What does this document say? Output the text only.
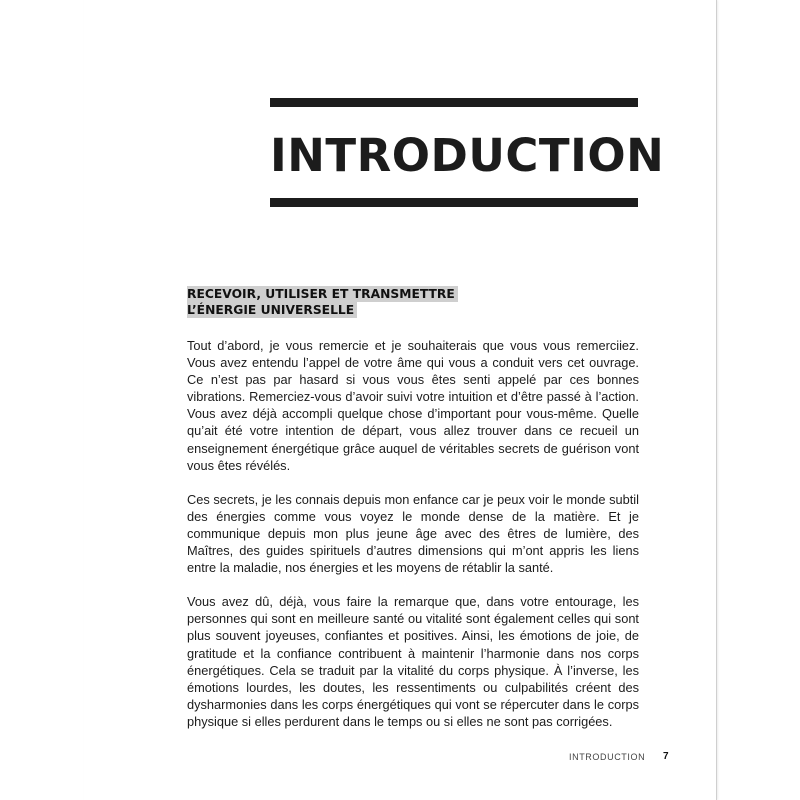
INTRODUCTION
RECEVOIR, UTILISER ET TRANSMETTRE
L’ÉNERGIE UNIVERSELLE

Tout d’abord, je vous remercie et je souhaiterais que vous vous remerciiez. Vous avez entendu l’appel de votre âme qui vous a conduit vers cet ouvrage. Ce n’est pas par hasard si vous vous êtes senti appelé par ces bonnes vibrations. Remerciez-vous d’avoir suivi votre intuition et d’être passé à l’action. Vous avez déjà accompli quelque chose d’important pour vous-même. Quelle qu’ait été votre intention de départ, vous allez trouver dans ce recueil un enseignement énergétique grâce auquel de véritables secrets de guérison vont vous êtes révélés.

Ces secrets, je les connais depuis mon enfance car je peux voir le monde subtil des énergies comme vous voyez le monde dense de la matière. Et je communique depuis mon plus jeune âge avec des êtres de lumière, des Maîtres, des guides spirituels d’autres dimensions qui m’ont appris les liens entre la maladie, nos énergies et les moyens de rétablir la santé.

Vous avez dû, déjà, vous faire la remarque que, dans votre entourage, les personnes qui sont en meilleure santé ou vitalité sont également celles qui sont plus souvent joyeuses, confiantes et positives. Ainsi, les émotions de joie, de gratitude et la confiance contribuent à maintenir l’harmonie dans nos corps énergétiques. Cela se traduit par la vitalité du corps physique. À l’inverse, les émotions lourdes, les doutes, les ressentiments ou culpabilités créent des dysharmonies dans les corps énergétiques qui vont se répercuter dans le corps physique si elles perdurent dans le temps ou si elles ne sont pas corrigées.

INTRODUCTION 7
